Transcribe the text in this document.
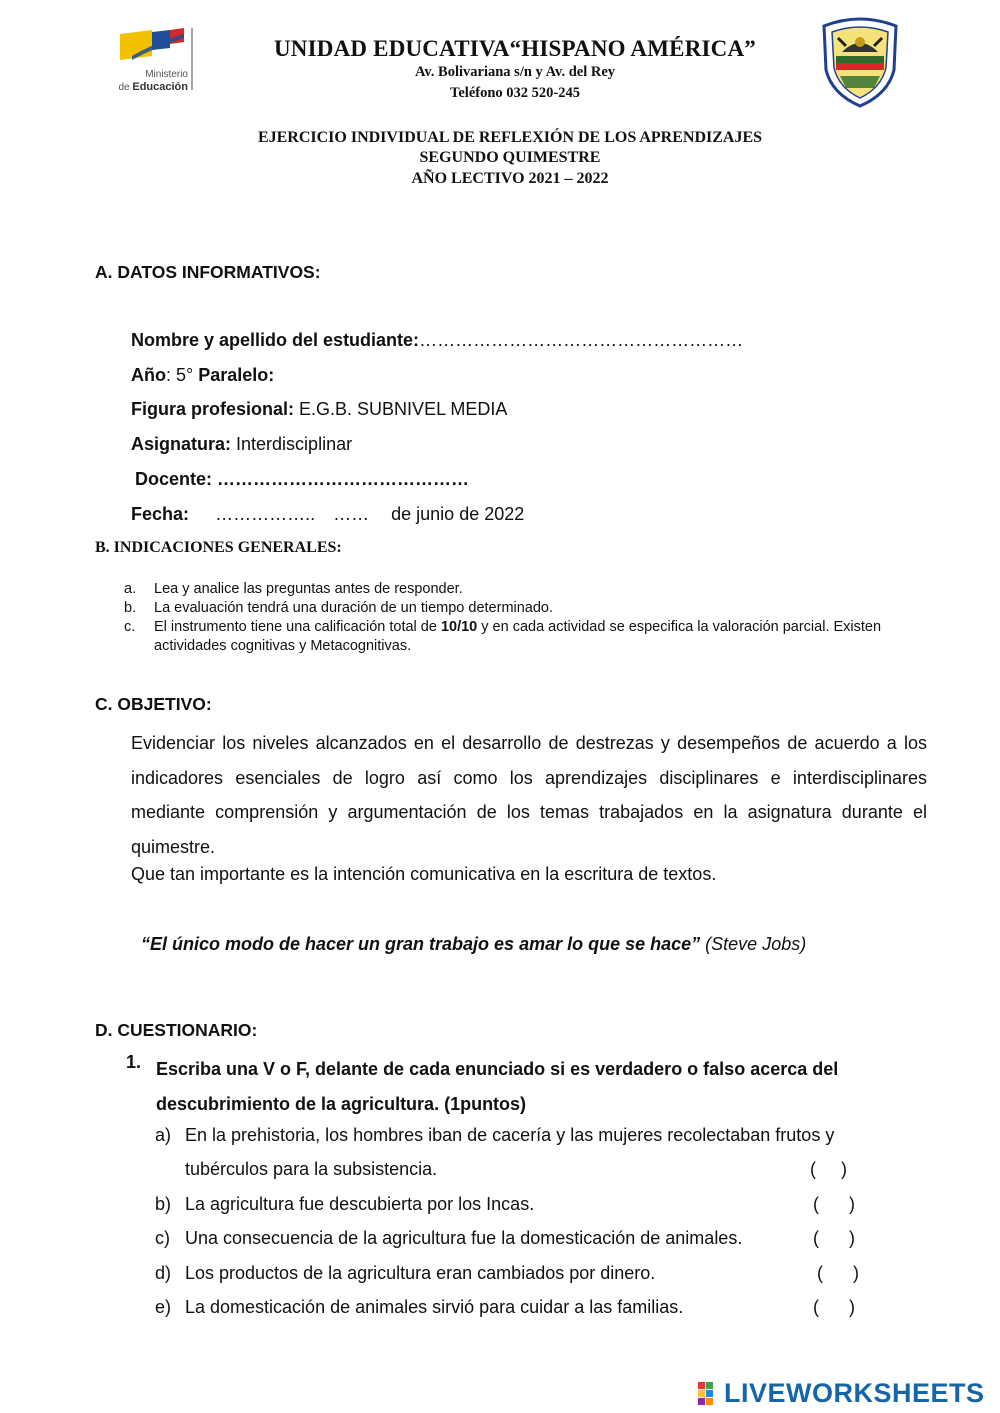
Ministerio
de Educación
UNIDAD EDUCATIVA“HISPANO AMÉRICA”
Av. Bolivariana s/n y Av. del Rey
Teléfono 032 520-245
EJERCICIO INDIVIDUAL DE REFLEXIÓN DE LOS APRENDIZAJES
SEGUNDO QUIMESTRE
AÑO LECTIVO 2021 – 2022
A. DATOS INFORMATIVOS:
Nombre y apellido del estudiante:………………………………………………
Año: 5° Paralelo:
Figura profesional: E.G.B. SUBNIVEL MEDIA
Asignatura: Interdisciplinar
Docente: ……………………………………
Fecha: …………….. …… de junio de 2022
B. INDICACIONES GENERALES:
a. Lea y analice las preguntas antes de responder.
b. La evaluación tendrá una duración de un tiempo determinado.
c. El instrumento tiene una calificación total de 10/10 y en cada actividad se especifica la valoración parcial. Existen actividades cognitivas y Metacognitivas.
C. OBJETIVO:
Evidenciar los niveles alcanzados en el desarrollo de destrezas y desempeños de acuerdo a los indicadores esenciales de logro así como los aprendizajes disciplinares e interdisciplinares mediante comprensión y argumentación de los temas trabajados en la asignatura durante el quimestre.
Que tan importante es la intención comunicativa en la escritura de textos.
“El único modo de hacer un gran trabajo es amar lo que se hace” (Steve Jobs)
D. CUESTIONARIO:
1. Escriba una V o F, delante de cada enunciado si es verdadero o falso acerca del descubrimiento de la agricultura. (1puntos)
a) En la prehistoria, los hombres iban de cacería y las mujeres recolectaban frutos y
tubérculos para la subsistencia.	(     )
b) La agricultura fue descubierta por los Incas.	(      )
c) Una consecuencia de la agricultura fue la domesticación de animales.	(      )
d) Los productos de la agricultura eran cambiados por dinero.	(      )
e) La domesticación de animales sirvió para cuidar a las familias.	(      )
LIVEWORKSHEETS
